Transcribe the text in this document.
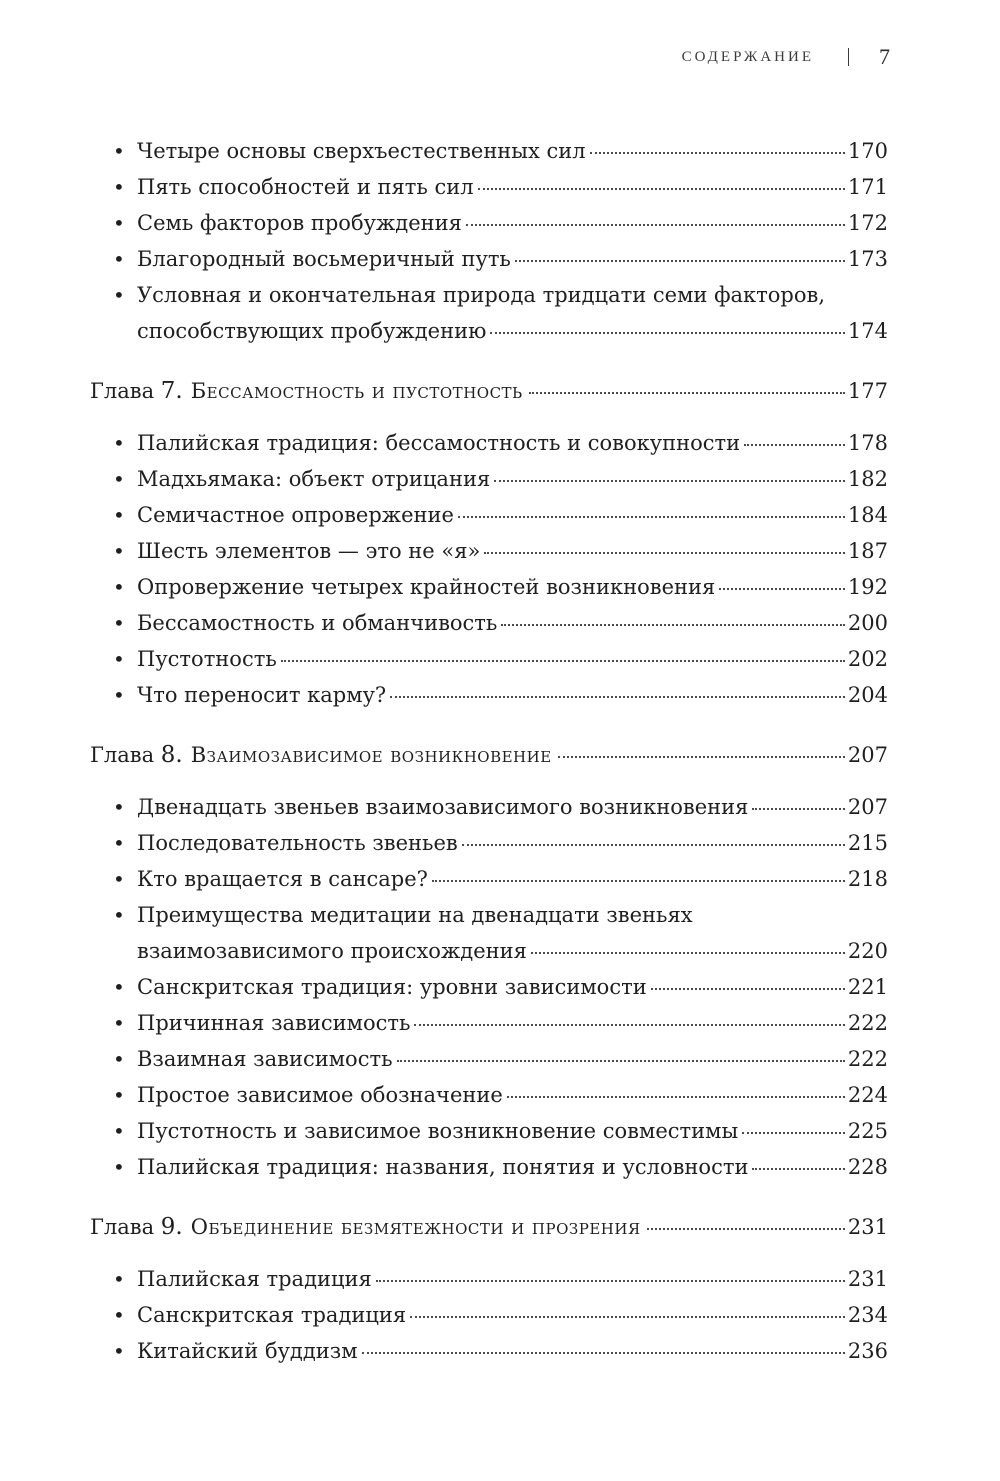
СОДЕРЖАНИЕ	7
• Четыре основы сверхъестественных сил	170
• Пять способностей и пять сил	171
• Семь факторов пробуждения	172
• Благородный восьмеричный путь	173
• Условная и окончательная природа тридцати семи факторов,
способствующих пробуждению	174
Глава
7. Бессамостность и пустотность	177
• Палийская традиция: бессамостность и совокупности	178
• Мадхьямака: объект отрицания	182
• Семичастное опровержение	184
• Шесть элементов — это не «я»	187
• Опровержение четырех крайностей возникновения	192
• Бессамостность и обманчивость	200
• Пустотность	202
• Что переносит карму?	204
Глава
8. Взаимозависимое возникновение	207
• Двенадцать звеньев взаимозависимого возникновения	207
• Последовательность звеньев	215
• Кто вращается в сансаре?	218
• Преимущества медитации на двенадцати звеньях
взаимозависимого происхождения	220
• Санскритская традиция: уровни зависимости	221
• Причинная зависимость	222
• Взаимная зависимость	222
• Простое зависимое обозначение	224
• Пустотность и зависимое возникновение совместимы	225
• Палийская традиция: названия, понятия и условности	228
Глава
9. Объединение безмятежности и прозрения	231
• Палийская традиция	231
• Санскритская традиция	234
• Китайский буддизм	236
